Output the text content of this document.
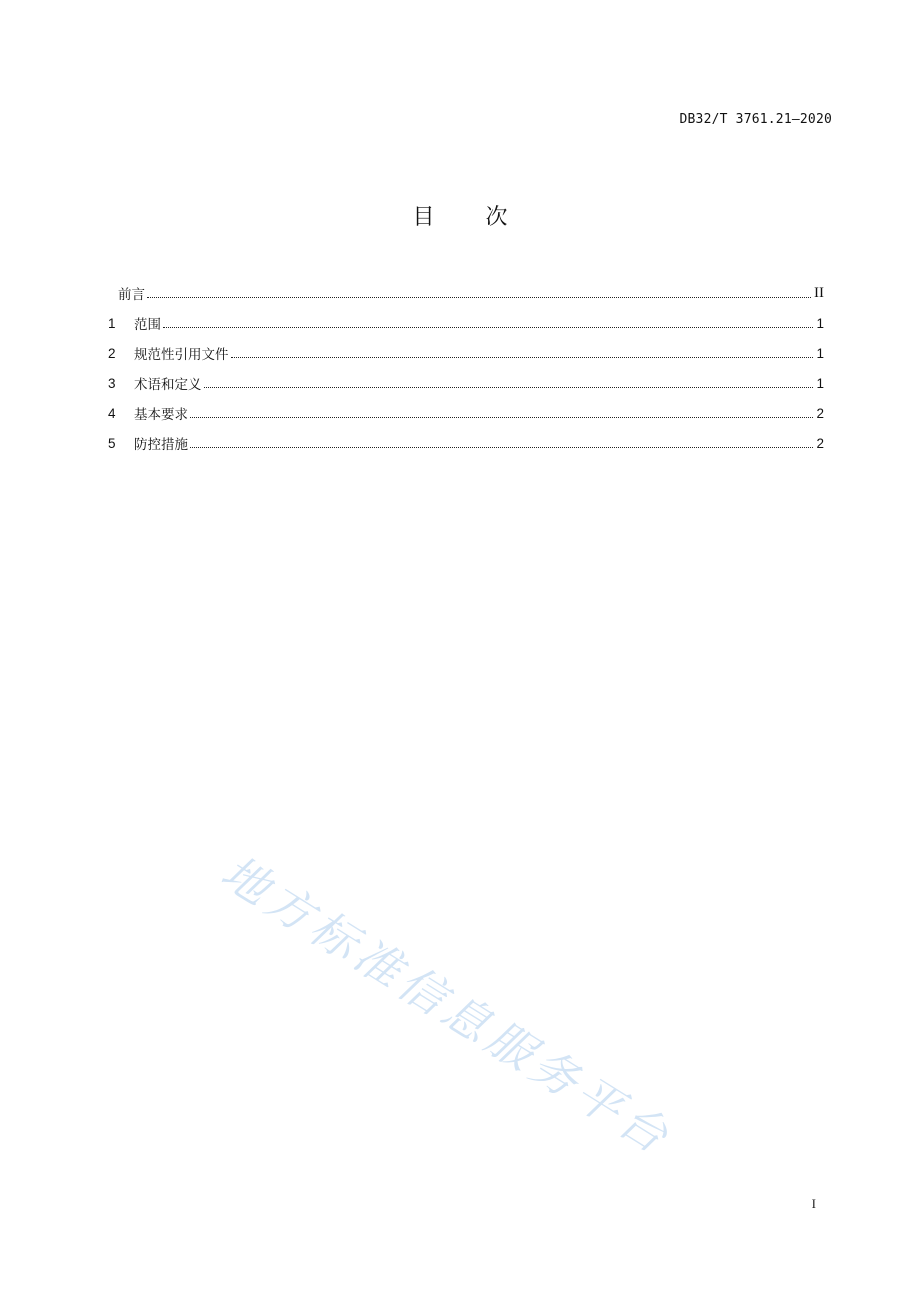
DB32/T 3761.21—2020
目 次
前言	II
1	范围	1
2	规范性引用文件	1
3	术语和定义	1
4	基本要求	2
5	防控措施	2
地方标准信息服务平台
I
